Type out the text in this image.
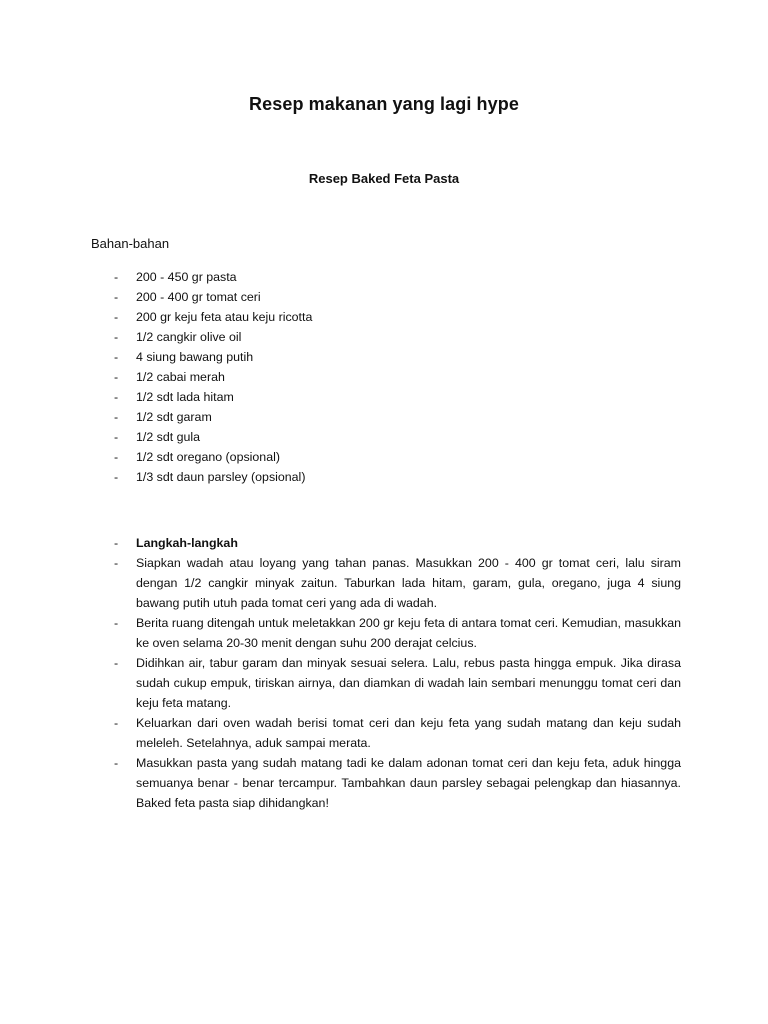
Resep makanan yang lagi hype
Resep Baked Feta Pasta
Bahan-bahan
-	200 - 450 gr pasta
-	200 - 400 gr tomat ceri
-	200 gr keju feta atau keju ricotta
-	1/2 cangkir olive oil
-	4 siung bawang putih
-	1/2 cabai merah
-	1/2 sdt lada hitam
-	1/2 sdt garam
-	1/2 sdt gula
-	1/2 sdt oregano (opsional)
-	1/3 sdt daun parsley (opsional)
-	Langkah-langkah
-	Siapkan wadah atau loyang yang tahan panas. Masukkan 200 - 400 gr tomat ceri, lalu siram dengan 1/2 cangkir minyak zaitun. Taburkan lada hitam, garam, gula, oregano, juga 4 siung bawang putih utuh pada tomat ceri yang ada di wadah.
-	Berita ruang ditengah untuk meletakkan 200 gr keju feta di antara tomat ceri. Kemudian, masukkan ke oven selama 20-30 menit dengan suhu 200 derajat celcius.
-	Didihkan air, tabur garam dan minyak sesuai selera. Lalu, rebus pasta hingga empuk. Jika dirasa sudah cukup empuk, tiriskan airnya, dan diamkan di wadah lain sembari menunggu tomat ceri dan keju feta matang.
-	Keluarkan dari oven wadah berisi tomat ceri dan keju feta yang sudah matang dan keju sudah meleleh. Setelahnya, aduk sampai merata.
-	Masukkan pasta yang sudah matang tadi ke dalam adonan tomat ceri dan keju feta, aduk hingga semuanya benar - benar tercampur. Tambahkan daun parsley sebagai pelengkap dan hiasannya. Baked feta pasta siap dihidangkan!
